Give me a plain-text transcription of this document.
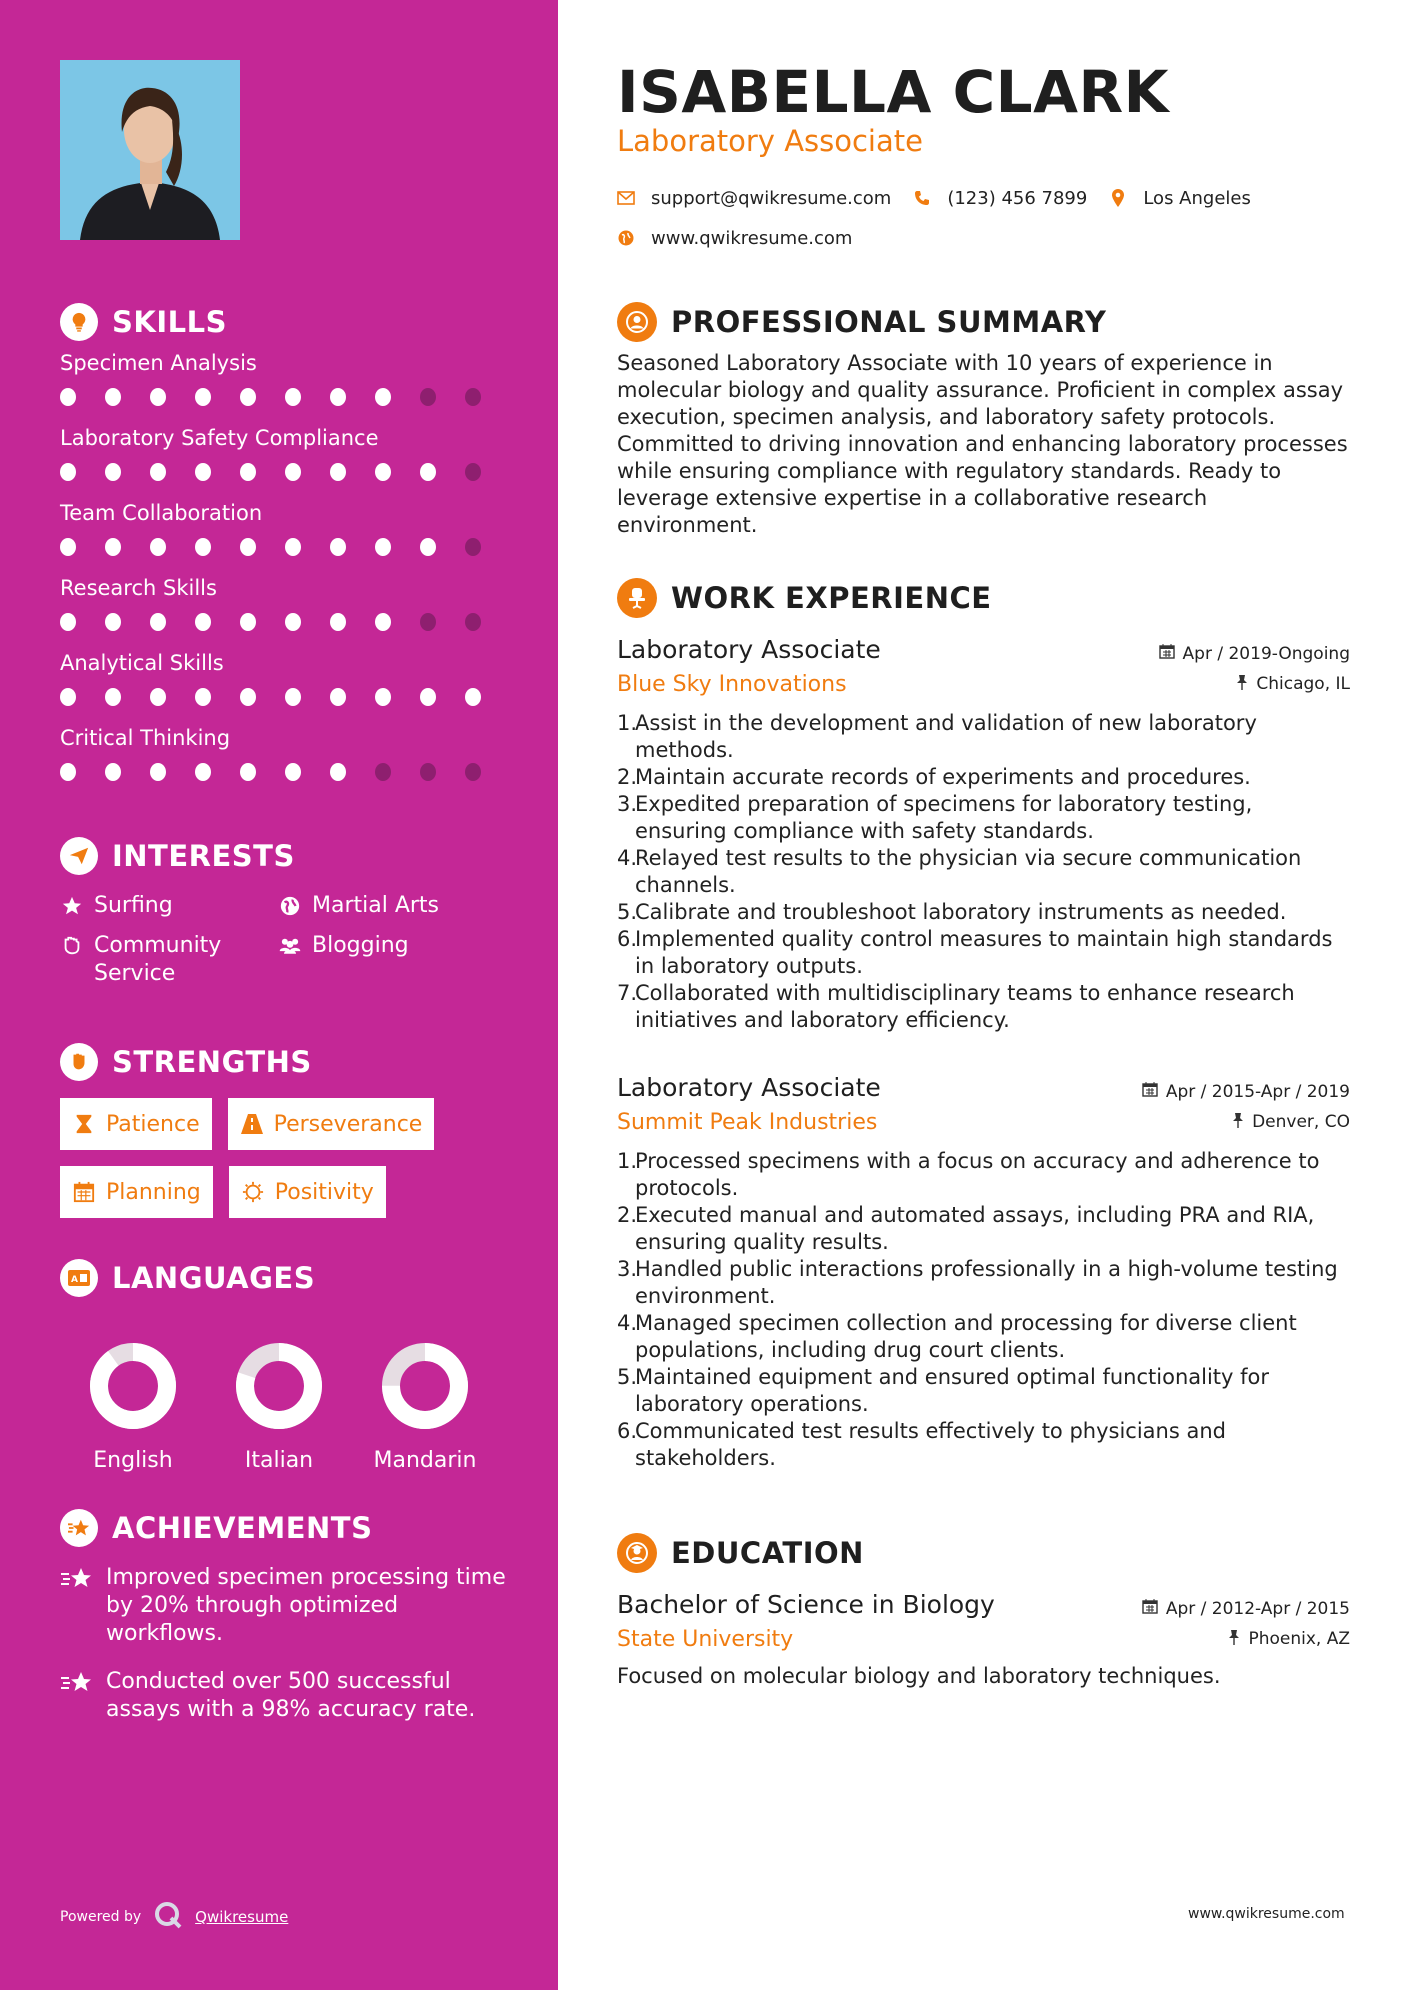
SKILLS
Specimen Analysis
Laboratory Safety Compliance
Team Collaboration
Research Skills
Analytical Skills
Critical Thinking
INTERESTS
Surfing	Martial Arts
Community Service
Blogging
STRENGTHS
Patience	Perseverance
Planning	Positivity
A LANGUAGES
English	Italian	Mandarin
ACHIEVEMENTS
Improved specimen processing time by 20% through optimized workflows.
Conducted over 500 successful assays with a 98% accuracy rate.
Powered by	Qwikresume
ISABELLA CLARK
Laboratory Associate
support@qwikresume.com	(123) 456 7899	Los Angeles
www.qwikresume.com
PROFESSIONAL SUMMARY
Seasoned Laboratory Associate with 10 years of experience in molecular biology and quality assurance. Proficient in complex assay execution, specimen analysis, and laboratory safety protocols. Committed to driving innovation and enhancing laboratory processes while ensuring compliance with regulatory standards. Ready to leverage extensive expertise in a collaborative research environment.
WORK EXPERIENCE
Laboratory Associate	Apr / 2019-Ongoing
Blue Sky Innovations	Chicago, IL
1.
Assist in the development and validation of new laboratory methods.
2.
Maintain accurate records of experiments and procedures.
3.
Expedited preparation of specimens for laboratory testing, ensuring compliance with safety standards.
4.
Relayed test results to the physician via secure communication channels.
5.
Calibrate and troubleshoot laboratory instruments as needed.
6.
Implemented quality control measures to maintain high standards in laboratory outputs.
7.
Collaborated with multidisciplinary teams to enhance research initiatives and laboratory efficiency.
Laboratory Associate	Apr / 2015-Apr / 2019
Summit Peak Industries	Denver, CO
1.
Processed specimens with a focus on accuracy and adherence to protocols.
2.
Executed manual and automated assays, including PRA and RIA, ensuring quality results.
3.
Handled public interactions professionally in a high-volume testing environment.
4.
Managed specimen collection and processing for diverse client populations, including drug court clients.
5.
Maintained equipment and ensured optimal functionality for laboratory operations.
6.
Communicated test results effectively to physicians and stakeholders.
EDUCATION
Bachelor of Science in Biology	Apr / 2012-Apr / 2015
State University	Phoenix, AZ
Focused on molecular biology and laboratory techniques.
www.qwikresume.com
